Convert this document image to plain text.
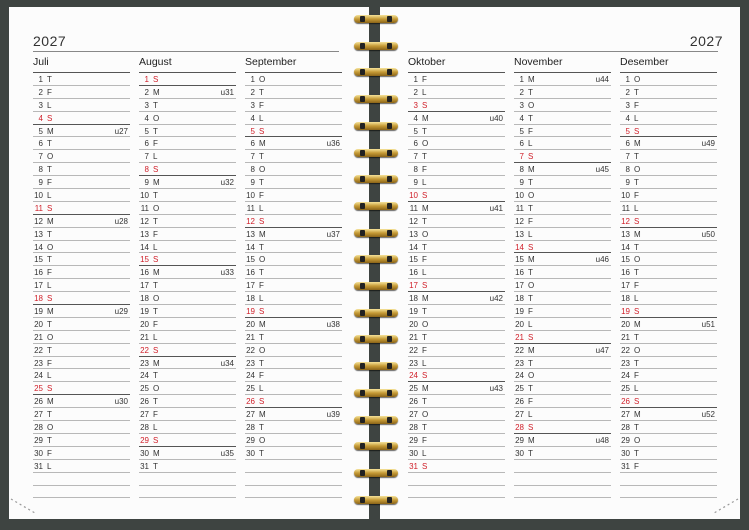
2027
Juli
1 T
2 F
3 L
4 S
5 M	u27
6 T
7 O
8 T
9 F
10 L
11 S
12 M	u28
13 T
14 O
15 T
16 F
17 L
18 S
19 M	u29
20 T
21 O
22 T
23 F
24 L
25 S
26 M	u30
27 T
28 O
29 T
30 F
31 L
August
1 S
2 M	u31
3 T
4 O
5 T
6 F
7 L
8 S
9 M	u32
10 T
11 O
12 T
13 F
14 L
15 S
16 M	u33
17 T
18 O
19 T
20 F
21 L
22 S
23 M	u34
24 T
25 O
26 T
27 F
28 L
29 S
30 M	u35
31 T
September
1 O
2 T
3 F
4 L
5 S
6 M	u36
7 T
8 O
9 T
10 F
11 L
12 S
13 M	u37
14 T
15 O
16 T
17 F
18 L
19 S
20 M	u38
21 T
22 O
23 T
24 F
25 L
26 S
27 M	u39
28 T
29 O
30 T
2027
Oktober
1 F
2 L
3 S
4 M	u40
5 T
6 O
7 T
8 F
9 L
10 S
11 M	u41
12 T
13 O
14 T
15 F
16 L
17 S
18 M	u42
19 T
20 O
21 T
22 F
23 L
24 S
25 M	u43
26 T
27 O
28 T
29 F
30 L
31 S
November
1 M	u44
2 T
3 O
4 T
5 F
6 L
7 S
8 M	u45
9 T
10 O
11 T
12 F
13 L
14 S
15 M	u46
16 T
17 O
18 T
19 F
20 L
21 S
22 M	u47
23 T
24 O
25 T
26 F
27 L
28 S
29 M	u48
30 T
Desember
1 O
2 T
3 F
4 L
5 S
6 M	u49
7 T
8 O
9 T
10 F
11 L
12 S
13 M	u50
14 T
15 O
16 T
17 F
18 L
19 S
20 M	u51
21 T
22 O
23 T
24 F
25 L
26 S
27 M	u52
28 T
29 O
30 T
31 F
